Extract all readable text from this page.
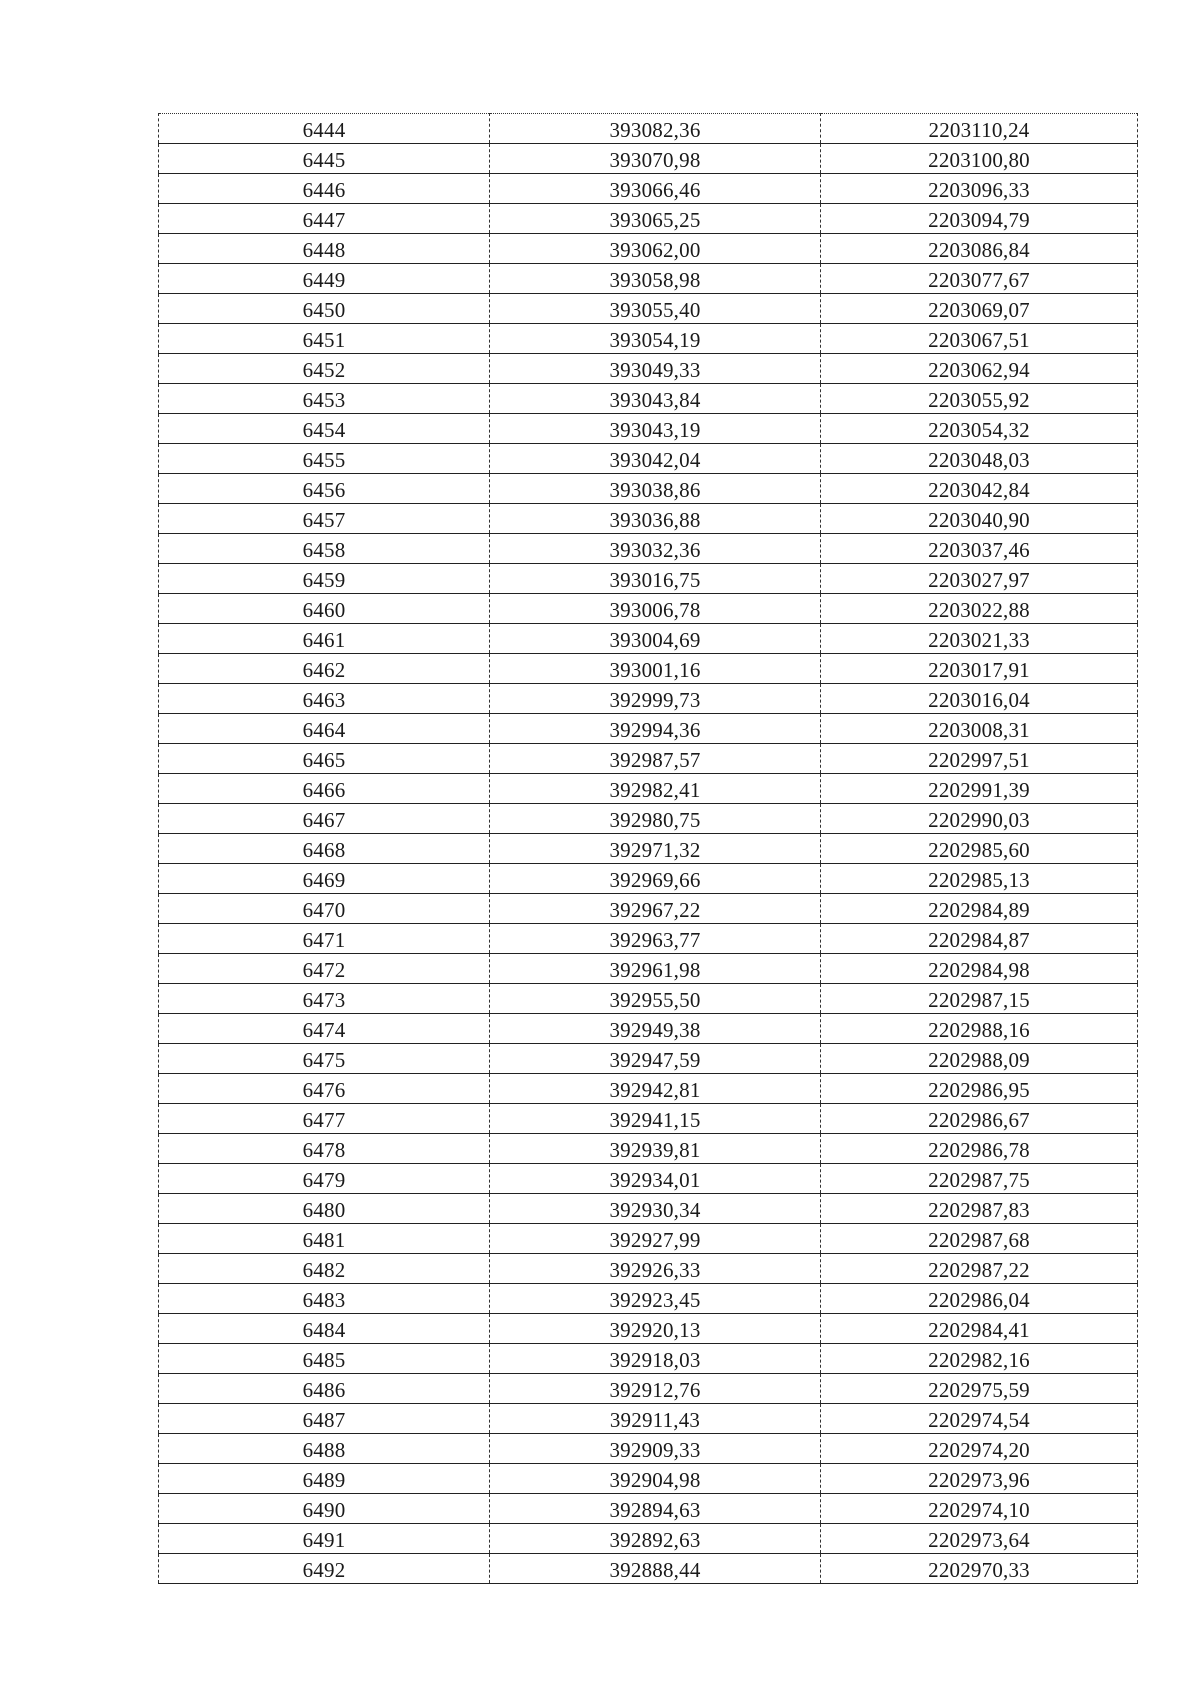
6444	393082,36	2203110,24
6445	393070,98	2203100,80
6446	393066,46	2203096,33
6447	393065,25	2203094,79
6448	393062,00	2203086,84
6449	393058,98	2203077,67
6450	393055,40	2203069,07
6451	393054,19	2203067,51
6452	393049,33	2203062,94
6453	393043,84	2203055,92
6454	393043,19	2203054,32
6455	393042,04	2203048,03
6456	393038,86	2203042,84
6457	393036,88	2203040,90
6458	393032,36	2203037,46
6459	393016,75	2203027,97
6460	393006,78	2203022,88
6461	393004,69	2203021,33
6462	393001,16	2203017,91
6463	392999,73	2203016,04
6464	392994,36	2203008,31
6465	392987,57	2202997,51
6466	392982,41	2202991,39
6467	392980,75	2202990,03
6468	392971,32	2202985,60
6469	392969,66	2202985,13
6470	392967,22	2202984,89
6471	392963,77	2202984,87
6472	392961,98	2202984,98
6473	392955,50	2202987,15
6474	392949,38	2202988,16
6475	392947,59	2202988,09
6476	392942,81	2202986,95
6477	392941,15	2202986,67
6478	392939,81	2202986,78
6479	392934,01	2202987,75
6480	392930,34	2202987,83
6481	392927,99	2202987,68
6482	392926,33	2202987,22
6483	392923,45	2202986,04
6484	392920,13	2202984,41
6485	392918,03	2202982,16
6486	392912,76	2202975,59
6487	392911,43	2202974,54
6488	392909,33	2202974,20
6489	392904,98	2202973,96
6490	392894,63	2202974,10
6491	392892,63	2202973,64
6492	392888,44	2202970,33
